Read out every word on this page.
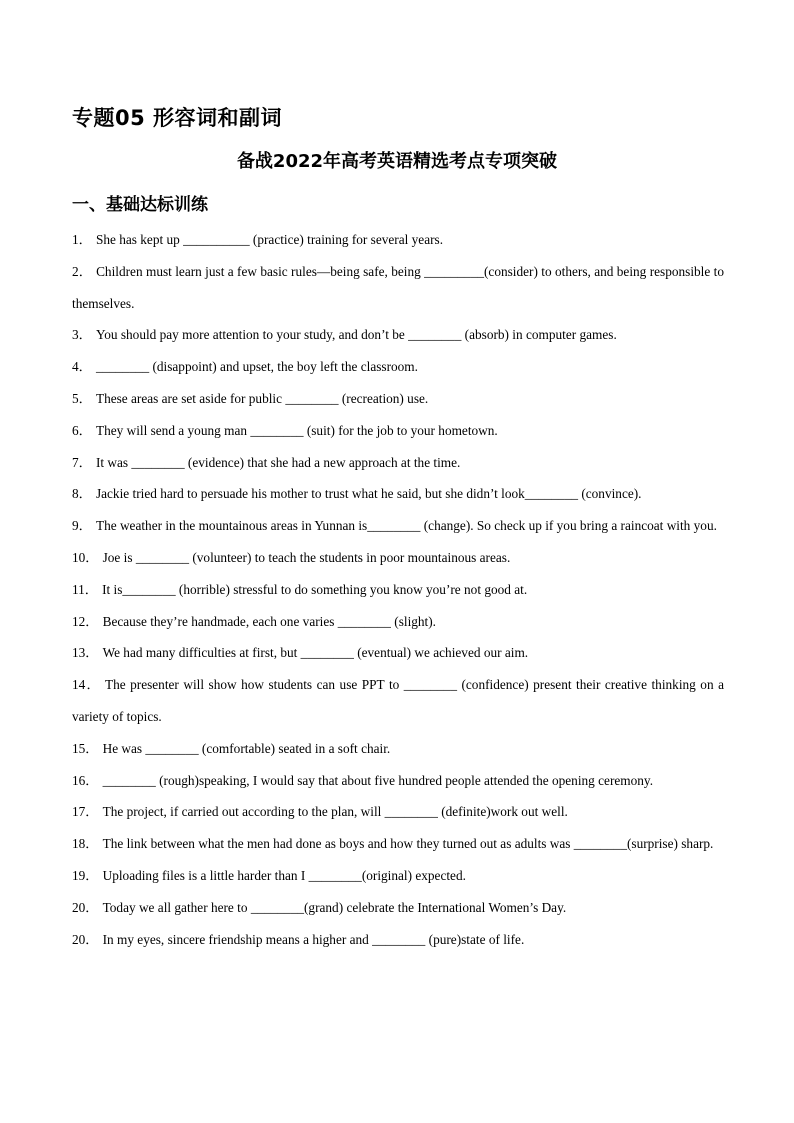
专题05 形容词和副词
备战2022年高考英语精选考点专项突破
一、基础达标训练
1． She has kept up __________ (practice) training for several years.
2． Children must learn just a few basic rules—being safe, being _________(consider) to others, and being responsible to themselves.
3． You should pay more attention to your study, and don’t be ________ (absorb) in computer games.
4． ________ (disappoint) and upset, the boy left the classroom.
5． These areas are set aside for public ________ (recreation) use.
6． They will send a young man ________ (suit) for the job to your hometown.
7． It was ________ (evidence) that she had a new approach at the time.
8． Jackie tried hard to persuade his mother to trust what he said, but she didn’t look________ (convince).
9． The weather in the mountainous areas in Yunnan is________ (change). So check up if you bring a raincoat with you.
10． Joe is ________ (volunteer) to teach the students in poor mountainous areas.
11． It is________ (horrible) stressful to do something you know you’re not good at.
12． Because they’re handmade, each one varies ________ (slight).
13． We had many difficulties at first, but ________ (eventual) we achieved our aim.
14． The presenter will show how students can use PPT to ________ (confidence) present their creative thinking on a variety of topics.
15． He was ________ (comfortable) seated in a soft chair.
16． ________ (rough)speaking, I would say that about five hundred people attended the opening ceremony.
17． The project, if carried out according to the plan, will ________ (definite)work out well.
18． The link between what the men had done as boys and how they turned out as adults was ________(surprise) sharp.
19． Uploading files is a little harder than I ________(original) expected.
20． Today we all gather here to ________(grand) celebrate the International Women’s Day.
20． In my eyes, sincere friendship means a higher and ________ (pure)state of life.
